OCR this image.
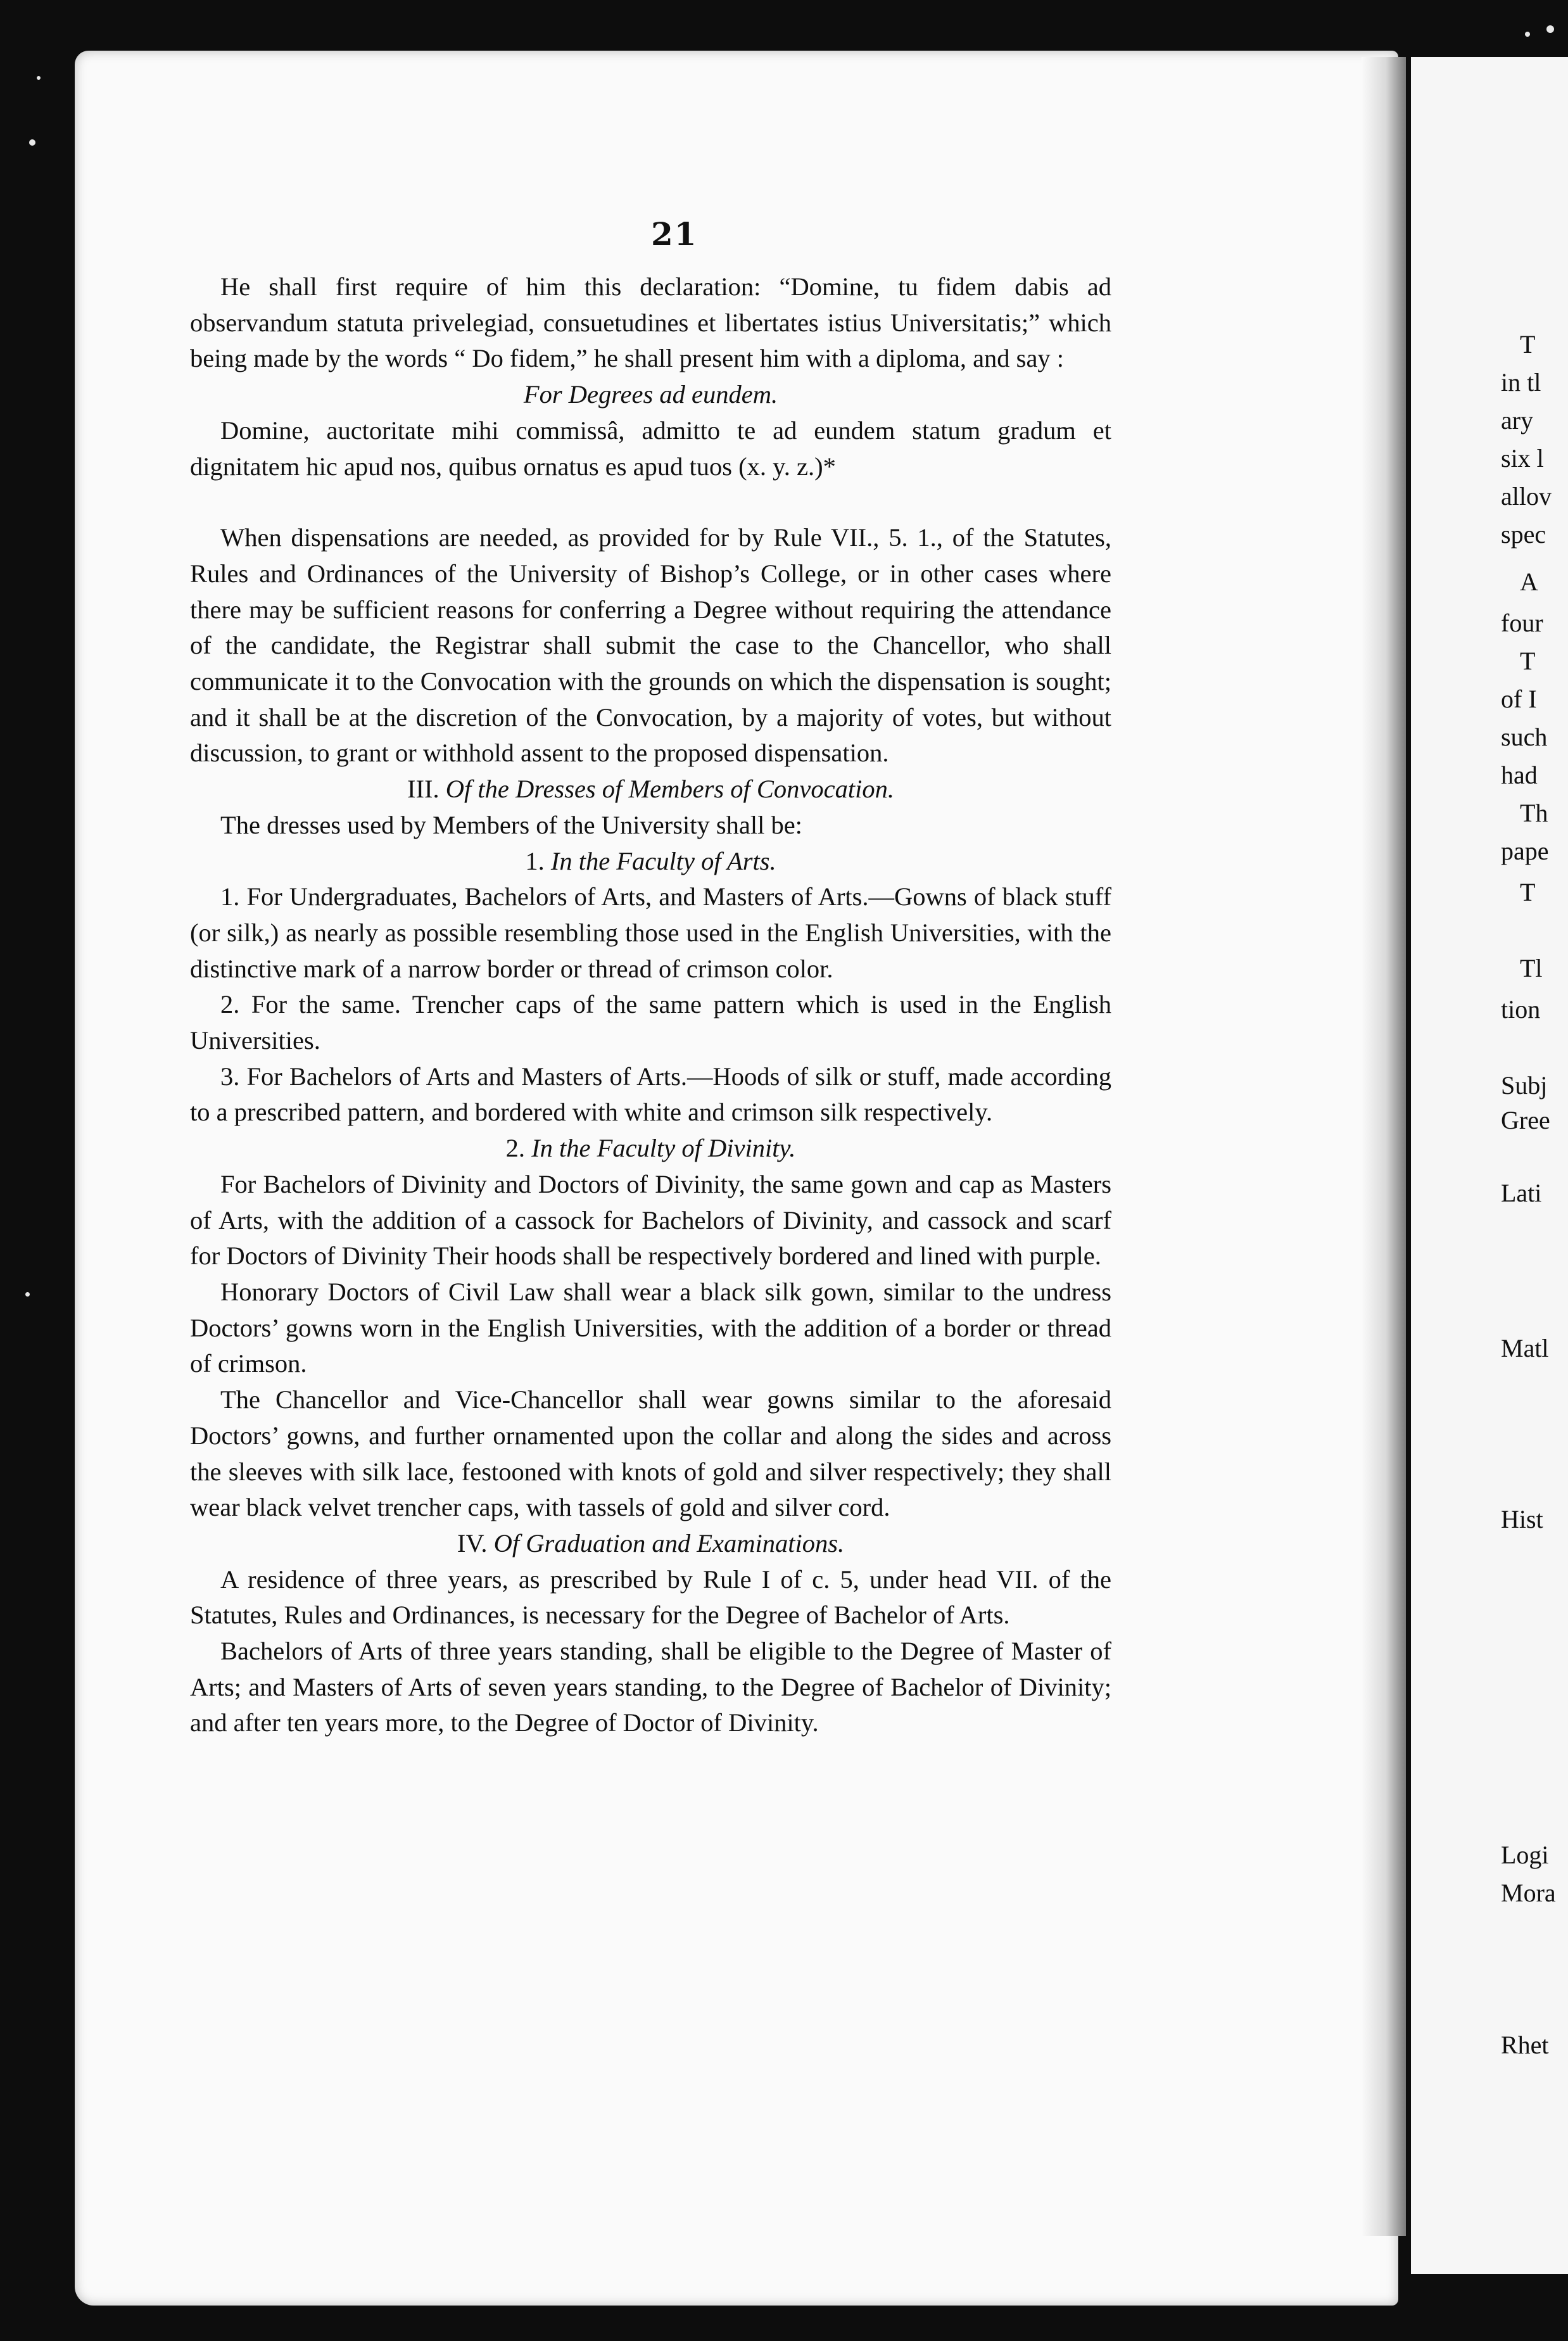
21

He shall first require of him this declaration: “Domine, tu fidem dabis ad observandum statuta privelegiad, consuetudines et libertates istius Universitatis;” which being made by the words “ Do fidem,” he shall present him with a diploma, and say :

For Degrees ad eundem.

Domine, auctoritate mihi commissâ, admitto te ad eundem statum gradum et dignitatem hic apud nos, quibus ornatus es apud tuos (x. y. z.)*

When dispensations are needed, as provided for by Rule VII., 5. 1., of the Statutes, Rules and Ordinances of the University of Bishop’s College, or in other cases where there may be sufficient reasons for conferring a Degree without requiring the attendance of the candidate, the Registrar shall submit the case to the Chancellor, who shall communicate it to the Convocation with the grounds on which the dispensation is sought; and it shall be at the discretion of the Convocation, by a majority of votes, but without discussion, to grant or withhold assent to the proposed dispensation.

III. Of the Dresses of Members of Convocation.

The dresses used by Members of the University shall be:

1. In the Faculty of Arts.

1. For Undergraduates, Bachelors of Arts, and Masters of Arts.—Gowns of black stuff (or silk,) as nearly as possible resembling those used in the English Universities, with the distinctive mark of a narrow border or thread of crimson color.

2. For the same. Trencher caps of the same pattern which is used in the English Universities.

3. For Bachelors of Arts and Masters of Arts.—Hoods of silk or stuff, made according to a prescribed pattern, and bordered with white and crimson silk respectively.

2. In the Faculty of Divinity.

For Bachelors of Divinity and Doctors of Divinity, the same gown and cap as Masters of Arts, with the addition of a cassock for Bachelors of Divinity, and cassock and scarf for Doctors of Divinity Their hoods shall be respectively bordered and lined with purple.

Honorary Doctors of Civil Law shall wear a black silk gown, similar to the undress Doctors’ gowns worn in the English Universities, with the addition of a border or thread of crimson.

The Chancellor and Vice-Chancellor shall wear gowns similar to the aforesaid Doctors’ gowns, and further ornamented upon the collar and along the sides and across the sleeves with silk lace, festooned with knots of gold and silver respectively; they shall wear black velvet trencher caps, with tassels of gold and silver cord.

IV. Of Graduation and Examinations.

A residence of three years, as prescribed by Rule I of c. 5, under head VII. of the Statutes, Rules and Ordinances, is necessary for the Degree of Bachelor of Arts.

Bachelors of Arts of three years standing, shall be eligible to the Degree of Master of Arts; and Masters of Arts of seven years standing, to the Degree of Bachelor of Divinity; and after ten years more, to the Degree of Doctor of Divinity.

T
in tl
ary
six l
allov
spec
A
four
T
of I
such
had
Th
pape
T
Tl
tion
Subj
Gree
Lati
Matl
Hist
Logi
Mora
Rhet
